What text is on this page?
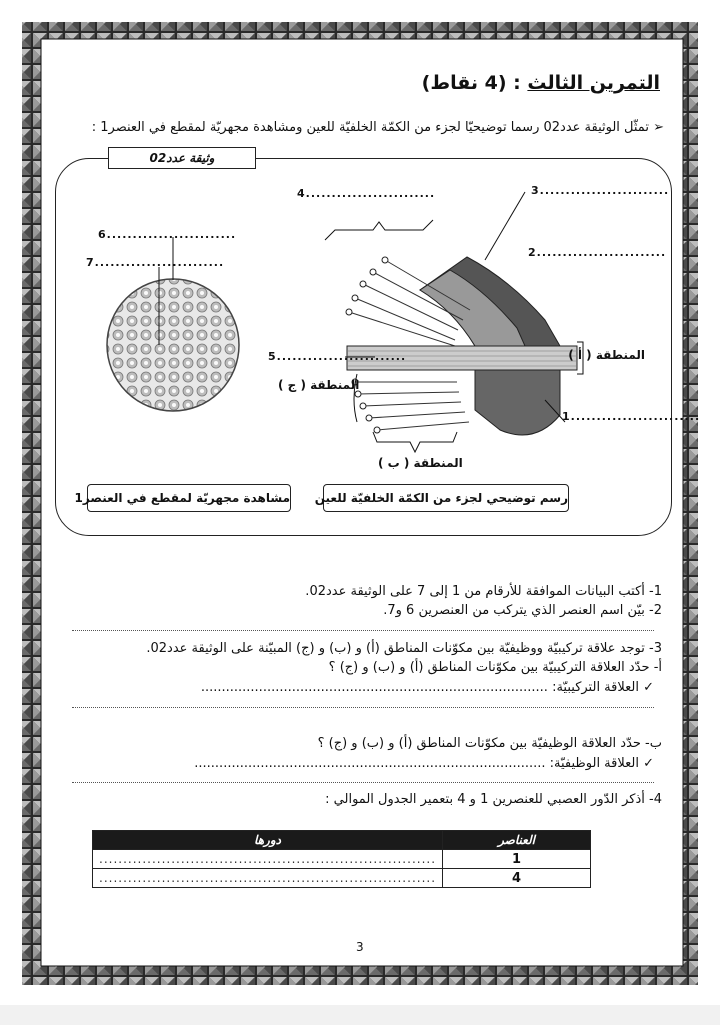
التمرين الثالث : (4 نقاط)
➢ تمثّل الوثيقة عدد02 رسما توضيحيّا لجزء من الكمّة الخلفيّة للعين ومشاهدة مجهريّة لمقطع في العنصر1 :
وثيقة عدد02
4.........................	3.........................
2.........................
6.........................
7.........................
5.........................
1.........................
المنطقة ( أ )
المنطقة ( ج )
المنطقة ( ب )
مشاهدة مجهريّة لمقطع في العنصر1 رسم توضيحي لجزء من الكمّة الخلفيّة للعين
1- أكتب البيانات الموافقة للأرقام من 1 إلى 7 على الوثيقة عدد02.
2- بيّن اسم العنصر الذي يتركب من العنصرين 6 و7.
3- توجد علاقة تركيبيّة ووظيفيّة بين مكوّنات المناطق (أ) و (ب) و (ج) المبيّنة على الوثيقة عدد02.
أ- حدّد العلاقة التركيبيّة بين مكوّنات المناطق (أ) و (ب) و (ج) ؟
✓ العلاقة التركيبيّة: ....................................................................................
ب- حدّد العلاقة الوظيفيّة بين مكوّنات المناطق (أ) و (ب) و (ج) ؟
✓ العلاقة الوظيفيّة: .....................................................................................
4- أذكر الدّور العصبي للعنصرين 1 و 4 بتعمير الجدول الموالي :
دورها	العناصر
......................................................................	1
......................................................................	4
3
